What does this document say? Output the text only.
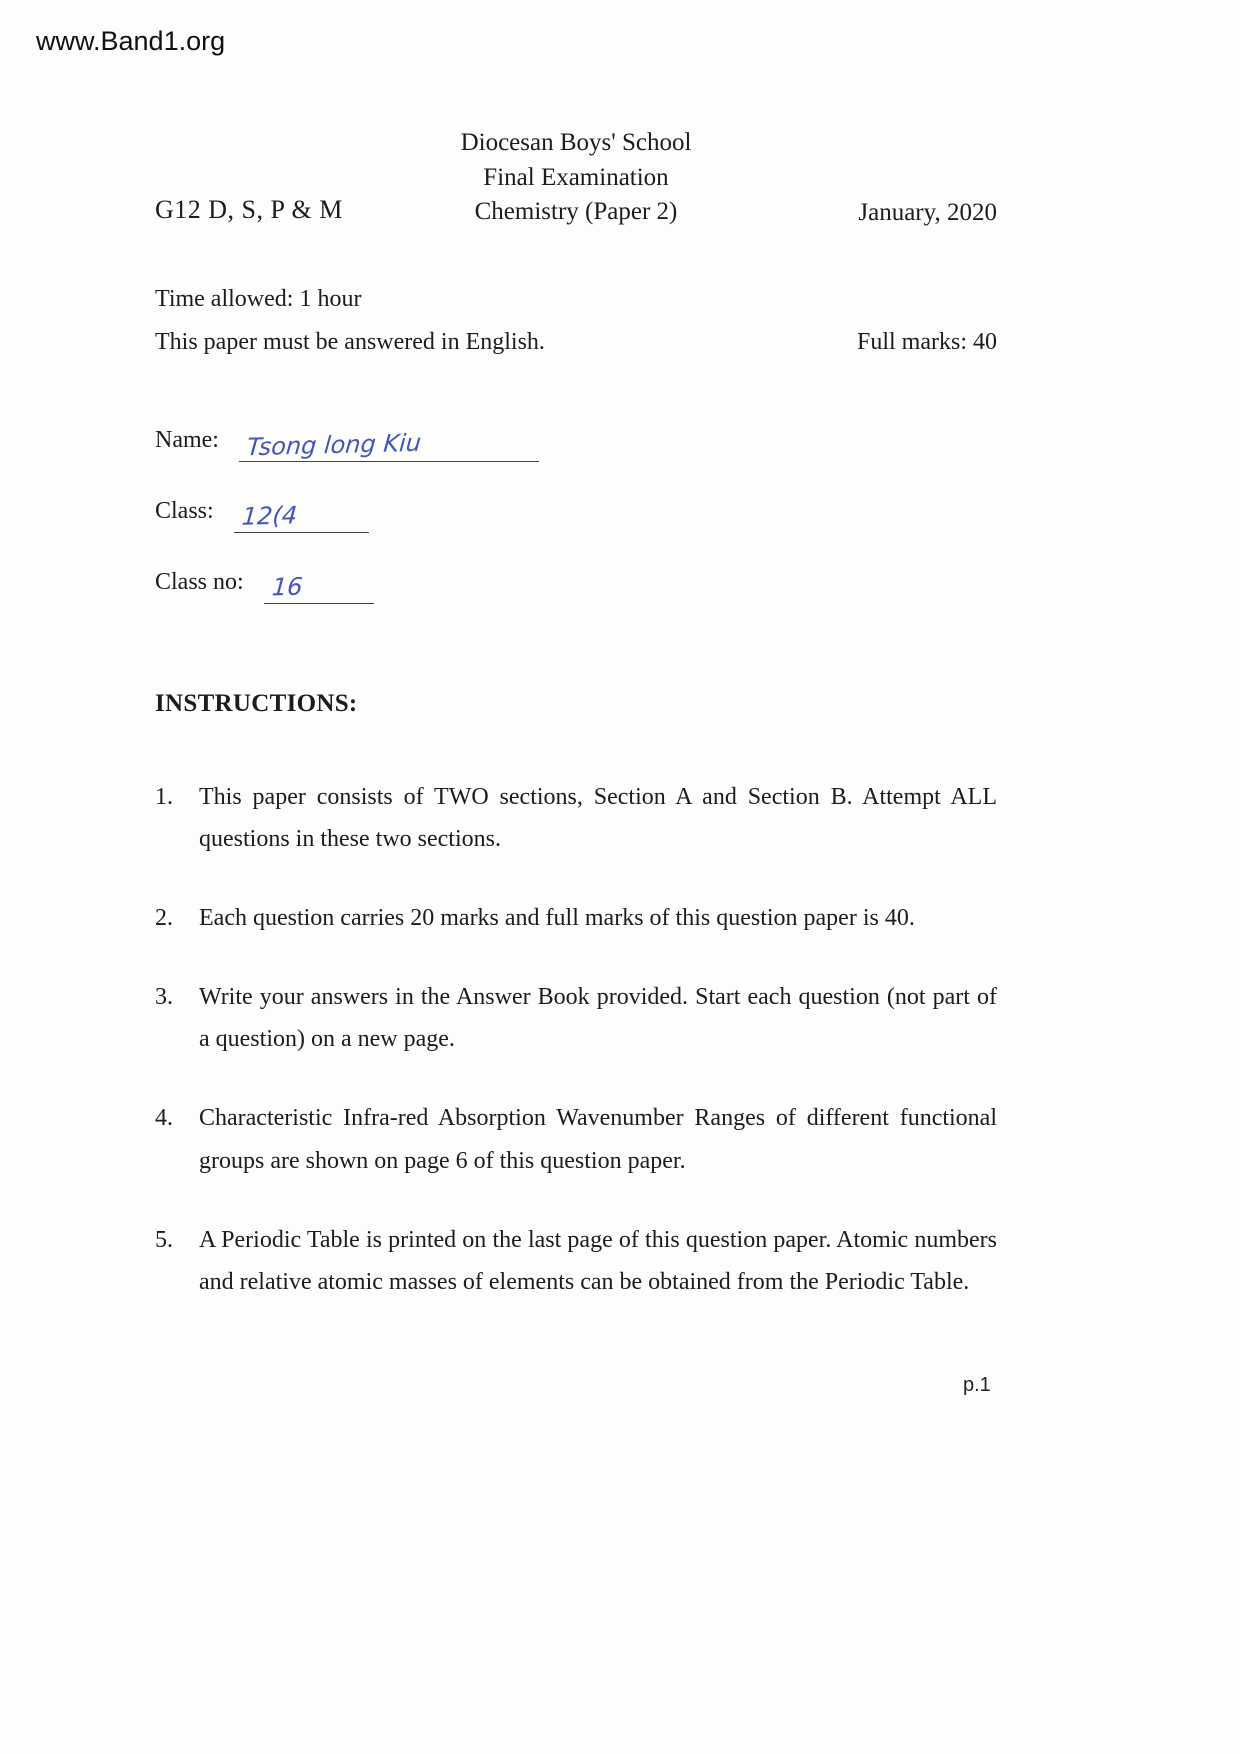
www.Band1.org
Diocesan Boys' School
Final Examination
Chemistry (Paper 2)
G12 D, S, P & M	January, 2020
Time allowed: 1 hour
This paper must be answered in English.	Full marks: 40
Name: Tsong long Kiu
Class: 12(4
Class no: 16
INSTRUCTIONS:
1.	This paper consists of TWO sections, Section A and Section B. Attempt ALL questions in these two sections.
2.	Each question carries 20 marks and full marks of this question paper is 40.
3.	Write your answers in the Answer Book provided. Start each question (not part of a question) on a new page.
4.	Characteristic Infra-red Absorption Wavenumber Ranges of different functional groups are shown on page 6 of this question paper.
5.	A Periodic Table is printed on the last page of this question paper. Atomic numbers and relative atomic masses of elements can be obtained from the Periodic Table.
p.1
